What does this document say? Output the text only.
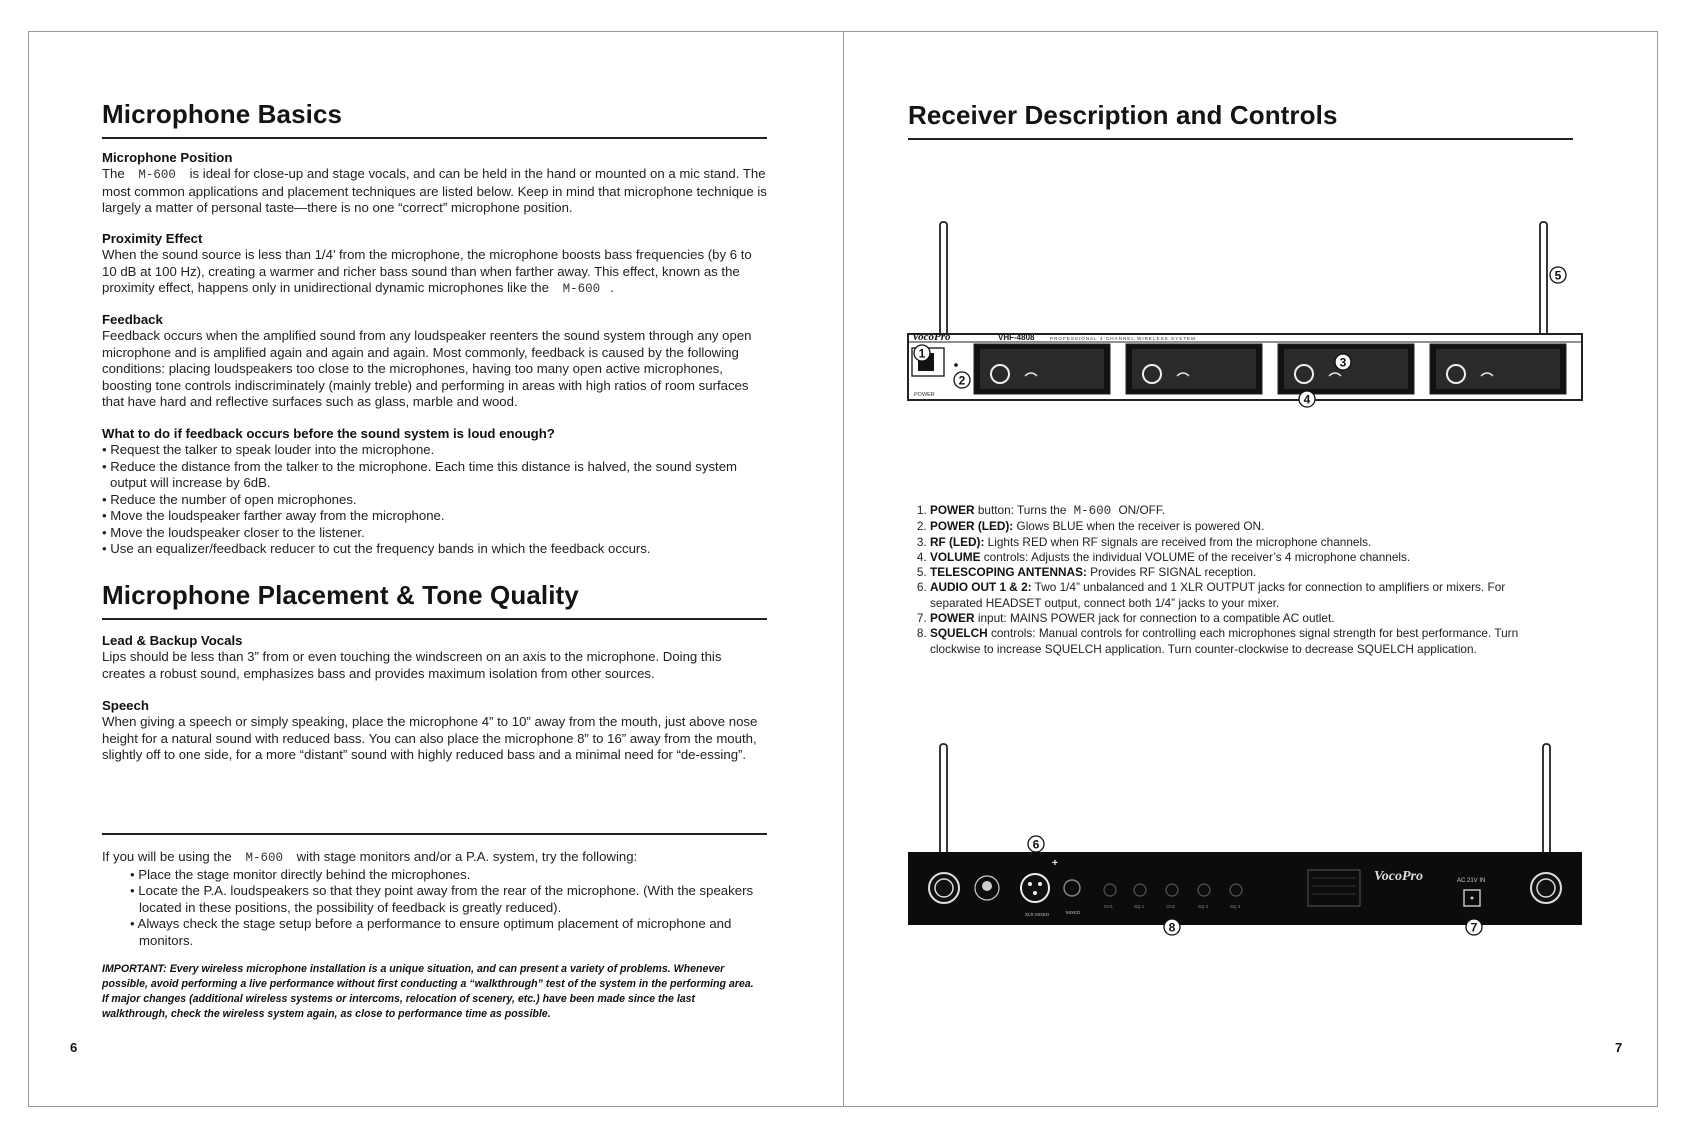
Microphone Basics
Microphone Position

The M-600 is ideal for close-up and stage vocals, and can be held in the hand or mounted on a mic stand. The most common applications and placement techniques are listed below. Keep in mind that microphone technique is largely a matter of personal taste—there is no one “correct” microphone position.

Proximity Effect

When the sound source is less than 1/4’ from the microphone, the microphone boosts bass frequencies (by 6 to 10 dB at 100 Hz), creating a warmer and richer bass sound than when farther away. This effect, known as the proximity effect, happens only in unidirectional dynamic microphones like the M-600 .

Feedback

Feedback occurs when the amplified sound from any loudspeaker reenters the sound system through any open microphone and is amplified again and again and again. Most commonly, feedback is caused by the following conditions: placing loudspeakers too close to the microphones, having too many open active microphones, boosting tone controls indiscriminately (mainly treble) and performing in areas with high ratios of room surfaces that have hard and reflective surfaces such as glass, marble and wood.

What to do if feedback occurs before the sound system is loud enough?
• Request the talker to speak louder into the microphone.
• Reduce the distance from the talker to the microphone. Each time this distance is halved, the sound system output will increase by 6dB.
• Reduce the number of open microphones.
• Move the loudspeaker farther away from the microphone.
• Move the loudspeaker closer to the listener.
• Use an equalizer/feedback reducer to cut the frequency bands in which the feedback occurs.
Microphone Placement & Tone Quality
Lead & Backup Vocals

Lips should be less than 3” from or even touching the windscreen on an axis to the microphone. Doing this creates a robust sound, emphasizes bass and provides maximum isolation from other sources.

Speech

When giving a speech or simply speaking, place the microphone 4” to 10” away from the mouth, just above nose height for a natural sound with reduced bass. You can also place the microphone 8” to 16” away from the mouth, slightly off to one side, for a more “distant” sound with highly reduced bass and a minimal need for “de-essing”.

If you will be using the M-600 with stage monitors and/or a P.A. system, try the following:

• Place the stage monitor directly behind the microphones.
• Locate the P.A. loudspeakers so that they point away from the rear of the microphone. (With the speakers located in these positions, the possibility of feedback is greatly reduced).
• Always check the stage setup before a performance to ensure optimum placement of microphone and monitors.

IMPORTANT: Every wireless microphone installation is a unique situation, and can present a variety of problems. Whenever possible, avoid performing a live performance without first conducting a “walkthrough” test of the system in the performing area. If major changes (additional wireless systems or intercoms, relocation of scenery, etc.) have been made since the last walkthrough, check the wireless system again, as close to performance time as possible.

6
Receiver Description and Controls
VocoPro	VHF-4808	PROFESSIONAL 4-CHANNEL WIRELESS SYSTEM
POWER
1
2
3
4
5
1. POWER button: Turns the M-600 ON/OFF.
2. POWER (LED): Glows BLUE when the receiver is powered ON.
3. RF (LED): Lights RED when RF signals are received from the microphone channels.
4. VOLUME controls: Adjusts the individual VOLUME of the receiver’s 4 microphone channels.
5. TELESCOPING ANTENNAS: Provides RF SIGNAL reception.
6. AUDIO OUT 1 & 2: Two 1/4” unbalanced and 1 XLR OUTPUT jacks for connection to amplifiers or mixers. For separated HEADSET output, connect both 1/4” jacks to your mixer.
7. POWER input: MAINS POWER jack for connection to a compatible AC outlet.
8. SQUELCH controls: Manual controls for controlling each microphones signal strength for best performance. Turn clockwise to increase SQUELCH application. Turn counter-clockwise to decrease SQUELCH application.
XLR MIXED	MIXED
CH1	SQ 1	CH2	SQ 2	SQ 3
VocoPro	AC 21V IN
6
+
7
8
7
